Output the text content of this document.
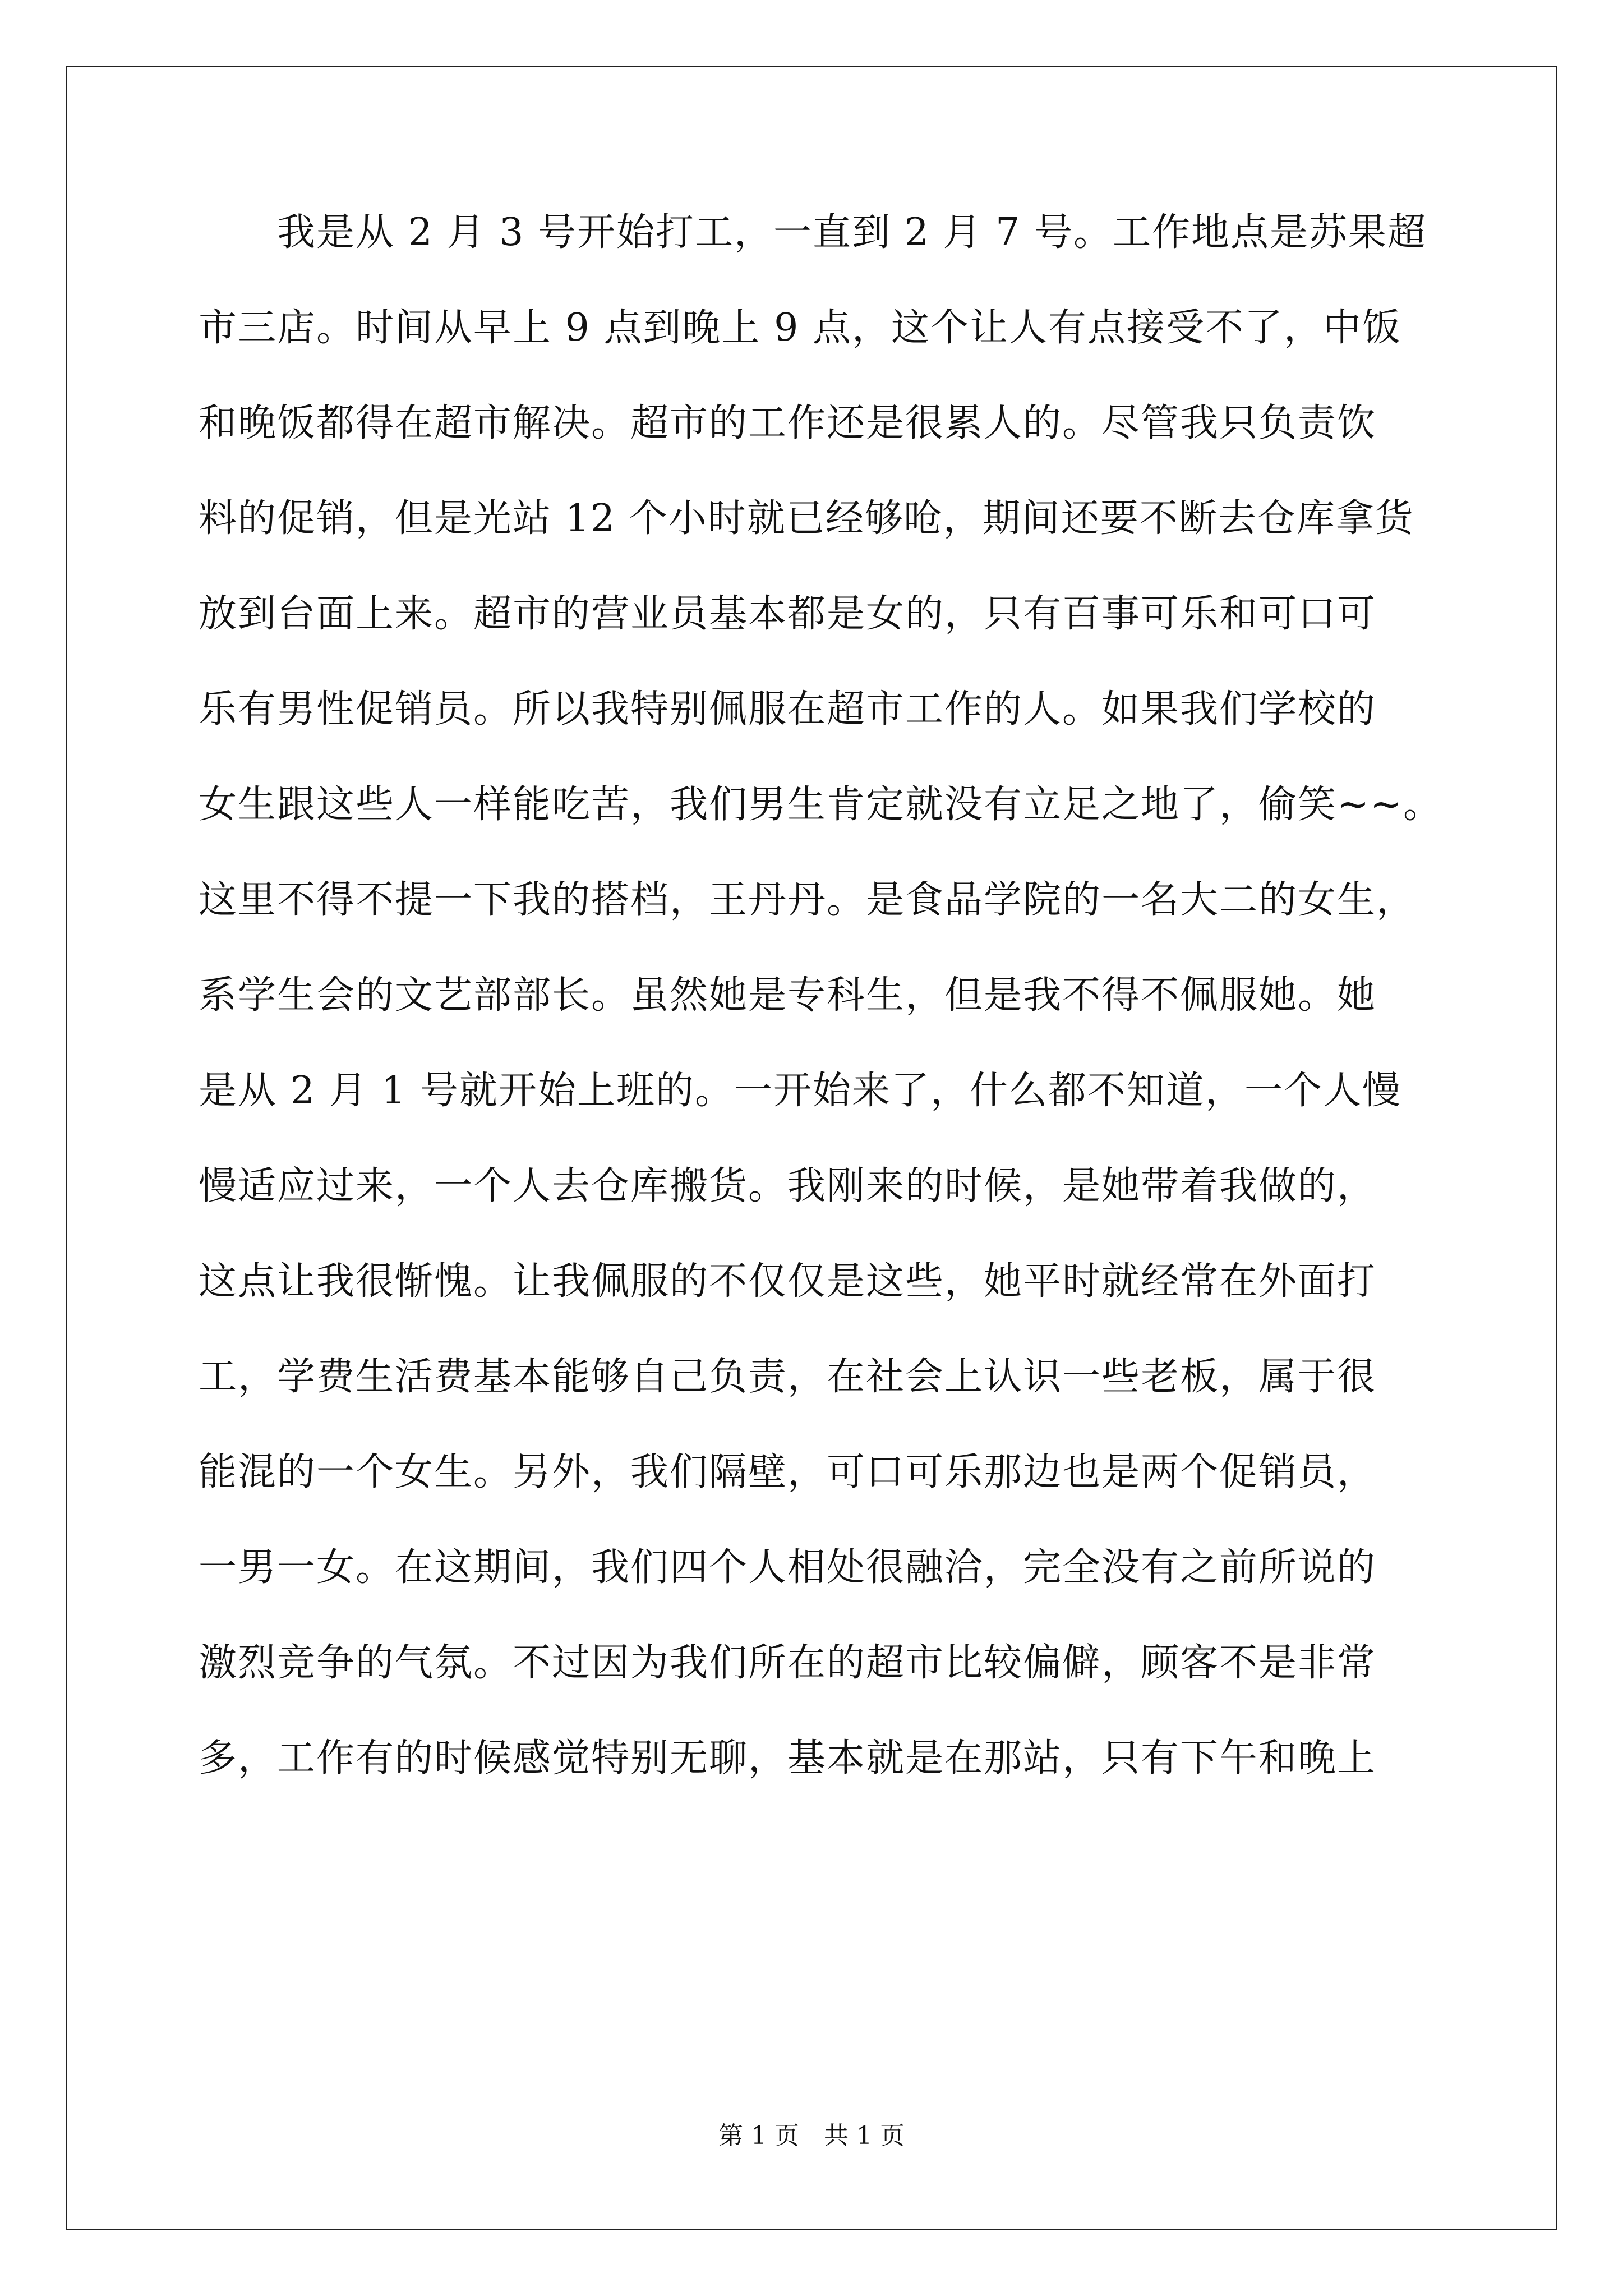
我是从 2 月 3 号开始打工，一直到 2 月 7 号。工作地点是苏果超
市三店。时间从早上 9 点到晚上 9 点，这个让人有点接受不了，中饭
和晚饭都得在超市解决。超市的工作还是很累人的。尽管我只负责饮
料的促销，但是光站 12 个小时就已经够呛，期间还要不断去仓库拿货
放到台面上来。超市的营业员基本都是女的，只有百事可乐和可口可
乐有男性促销员。所以我特别佩服在超市工作的人。如果我们学校的
女生跟这些人一样能吃苦，我们男生肯定就没有立足之地了，偷笑~~。
这里不得不提一下我的搭档，王丹丹。是食品学院的一名大二的女生，
系学生会的文艺部部长。虽然她是专科生，但是我不得不佩服她。她
是从 2 月 1 号就开始上班的。一开始来了，什么都不知道，一个人慢
慢适应过来，一个人去仓库搬货。我刚来的时候，是她带着我做的，
这点让我很惭愧。让我佩服的不仅仅是这些，她平时就经常在外面打
工，学费生活费基本能够自己负责，在社会上认识一些老板，属于很
能混的一个女生。另外，我们隔壁，可口可乐那边也是两个促销员，
一男一女。在这期间，我们四个人相处很融洽，完全没有之前所说的
激烈竞争的气氛。不过因为我们所在的超市比较偏僻，顾客不是非常
多，工作有的时候感觉特别无聊，基本就是在那站，只有下午和晚上
第 1 页　共 1 页
